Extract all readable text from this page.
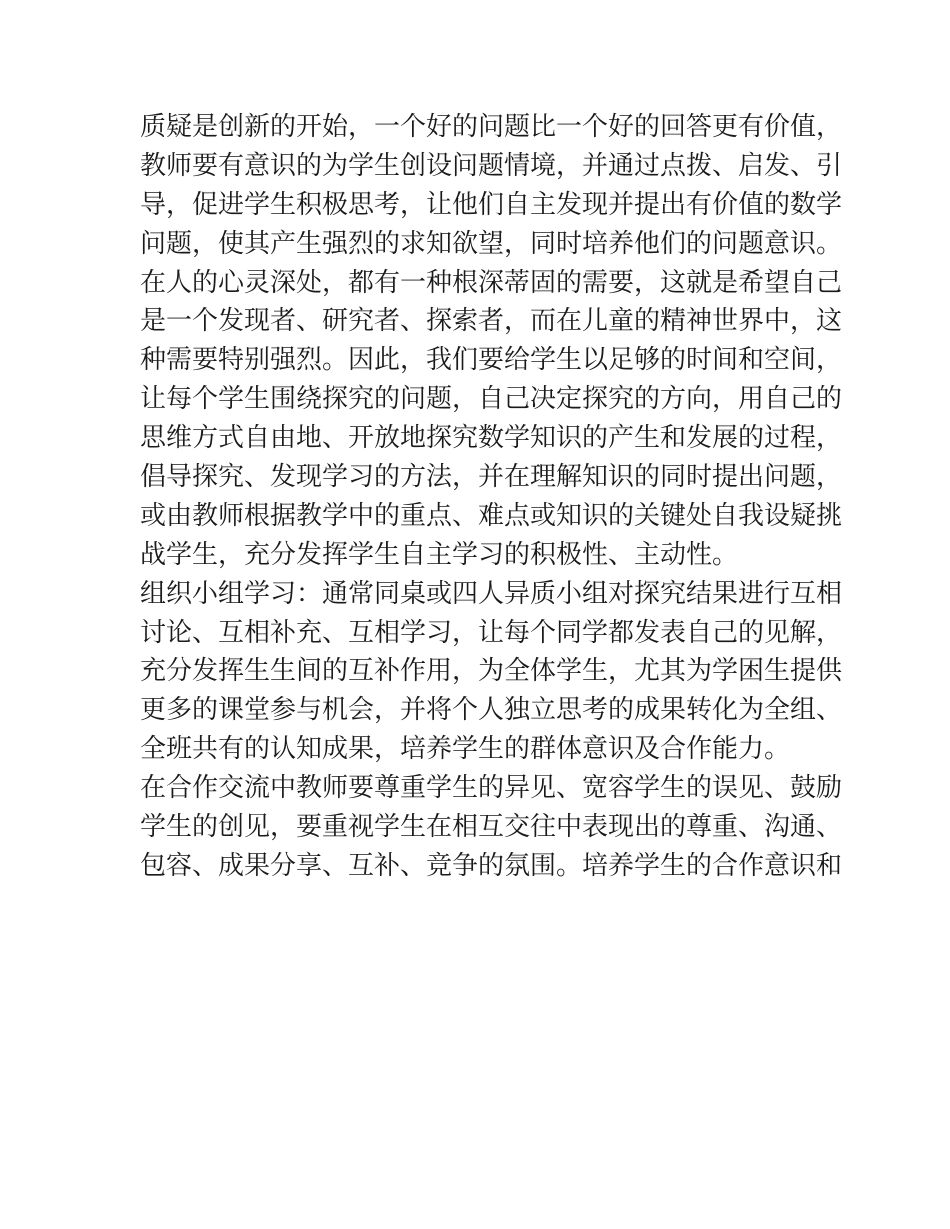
质疑是创新的开始，一个好的问题比一个好的回答更有价值，
教师要有意识的为学生创设问题情境，并通过点拨、启发、引
导，促进学生积极思考，让他们自主发现并提出有价值的数学
问题，使其产生强烈的求知欲望，同时培养他们的问题意识。
在人的心灵深处，都有一种根深蒂固的需要，这就是希望自己
是一个发现者、研究者、探索者，而在儿童的精神世界中，这
种需要特别强烈。因此，我们要给学生以足够的时间和空间，
让每个学生围绕探究的问题，自己决定探究的方向，用自己的
思维方式自由地、开放地探究数学知识的产生和发展的过程，
倡导探究、发现学习的方法，并在理解知识的同时提出问题，
或由教师根据教学中的重点、难点或知识的关键处自我设疑挑
战学生，充分发挥学生自主学习的积极性、主动性。
组织小组学习：通常同桌或四人异质小组对探究结果进行互相
讨论、互相补充、互相学习，让每个同学都发表自己的见解，
充分发挥生生间的互补作用，为全体学生，尤其为学困生提供
更多的课堂参与机会，并将个人独立思考的成果转化为全组、
全班共有的认知成果，培养学生的群体意识及合作能力。
在合作交流中教师要尊重学生的异见、宽容学生的误见、鼓励
学生的创见，要重视学生在相互交往中表现出的尊重、沟通、
包容、成果分享、互补、竞争的氛围。培养学生的合作意识和
